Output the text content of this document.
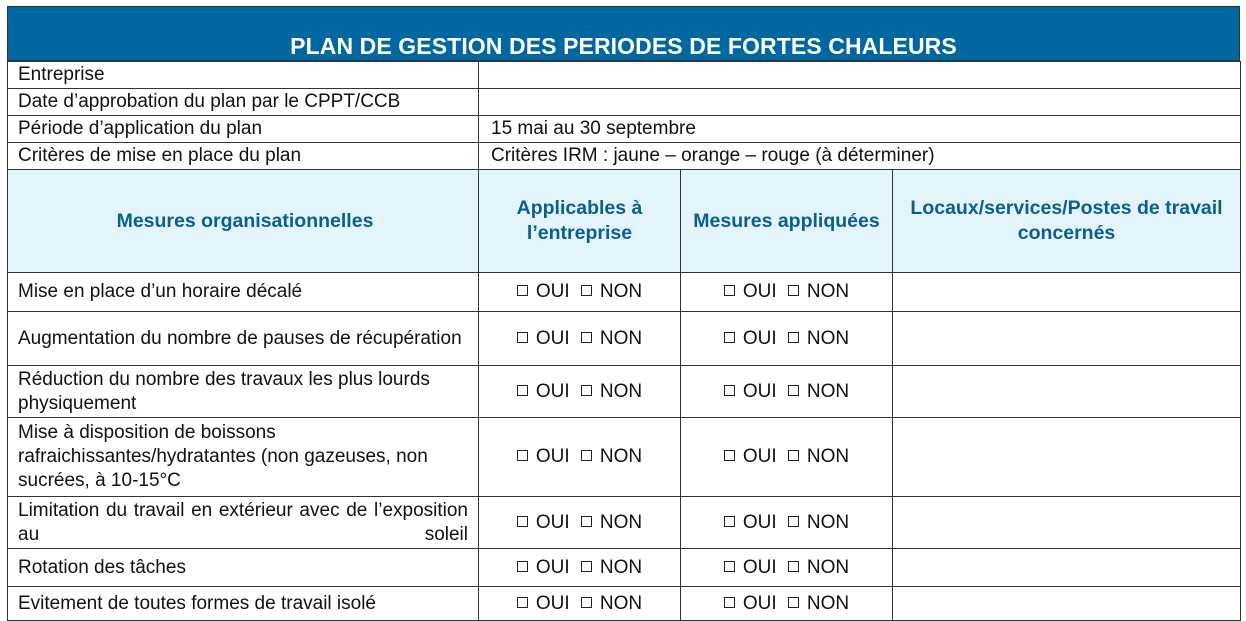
PLAN DE GESTION DES PERIODES DE FORTES CHALEURS
Entreprise			
Date d’approbation du plan par le CPPT/CCB			
Période d’application du plan	15 mai au 30 septembre		
Critères de mise en place du plan	Critères IRM : jaune – orange – rouge (à déterminer)		
Mesures organisationnelles	Applicables à l’entreprise	Mesures appliquées	Locaux/services/Postes de travail concernés
Mise en place d’un horaire décalé	OUI NON	OUI NON	
Augmentation du nombre de pauses de récupération	OUI NON	OUI NON	
Réduction du nombre des travaux les plus lourds physiquement	OUI NON	OUI NON	
Mise à disposition de boissons rafraichissantes/hydratantes (non gazeuses, non sucrées, à 10-15°C	OUI NON	OUI NON	
Limitation du travail en extérieur avec de l’exposition au soleil	OUI NON	OUI NON	
Rotation des tâches	OUI NON	OUI NON	
Evitement de toutes formes de travail isolé	OUI NON	OUI NON	
